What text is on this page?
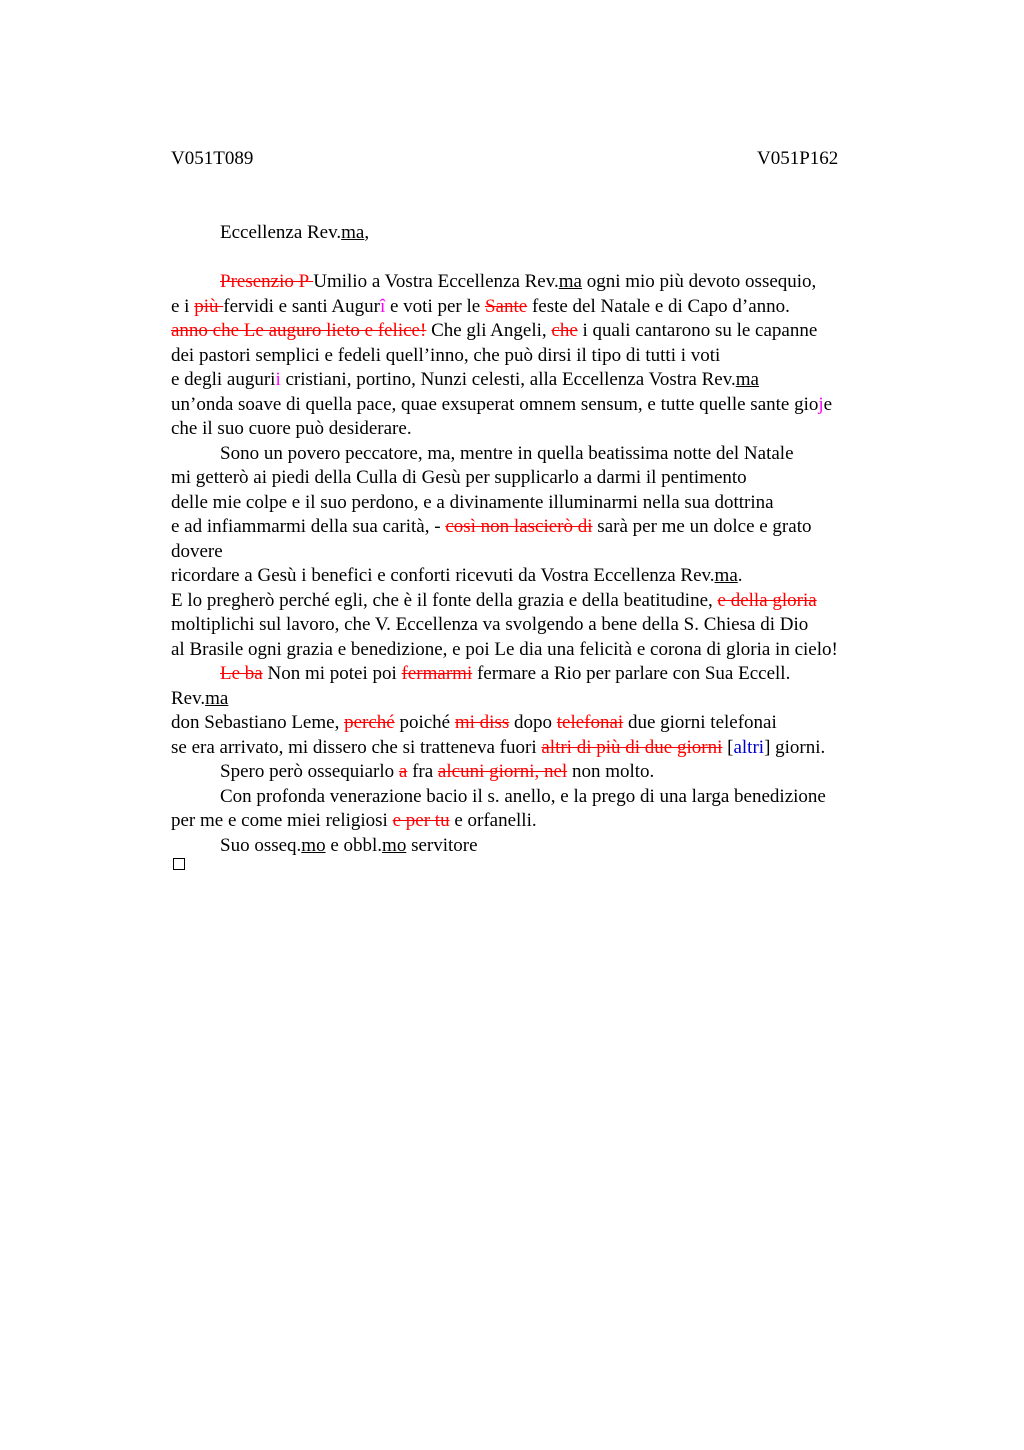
V051T089	V051P162
Eccellenza Rev.ma,
Presenzio P Umilio a Vostra Eccellenza Rev.ma ogni mio più devoto ossequio,
e i più fervidi e santi Augurî e voti per le Sante feste del Natale e di Capo d’anno.
anno che Le auguro lieto e felice! Che gli Angeli, che i quali cantarono su le capanne
dei pastori semplici e fedeli quell’inno, che può dirsi il tipo di tutti i voti
e degli augurii cristiani, portino, Nunzi celesti, alla Eccellenza Vostra Rev.ma
un’onda soave di quella pace, quae exsuperat omnem sensum, e tutte quelle sante gioje
che il suo cuore può desiderare.
Sono un povero peccatore, ma, mentre in quella beatissima notte del Natale
mi getterò ai piedi della Culla di Gesù per supplicarlo a darmi il pentimento
delle mie colpe e il suo perdono, e a divinamente illuminarmi nella sua dottrina
e ad infiammarmi della sua carità, - così non lascierò di sarà per me un dolce e grato
dovere
ricordare a Gesù i benefici e conforti ricevuti da Vostra Eccellenza Rev.ma.
E lo pregherò perché egli, che è il fonte della grazia e della beatitudine, e della gloria
moltiplichi sul lavoro, che V. Eccellenza va svolgendo a bene della S. Chiesa di Dio
al Brasile ogni grazia e benedizione, e poi Le dia una felicità e corona di gloria in cielo!
Le ba Non mi potei poi fermarmi fermare a Rio per parlare con Sua Eccell.
Rev.ma
don Sebastiano Leme, perché poiché mi diss dopo telefonai due giorni telefonai
se era arrivato, mi dissero che si tratteneva fuori altri di più di due giorni [altri] giorni.
Spero però ossequiarlo a fra alcuni giorni, nel non molto.
Con profonda venerazione bacio il s. anello, e la prego di una larga benedizione
per me e come miei religiosi e per tu e orfanelli.
Suo osseq.mo e obbl.mo servitore
